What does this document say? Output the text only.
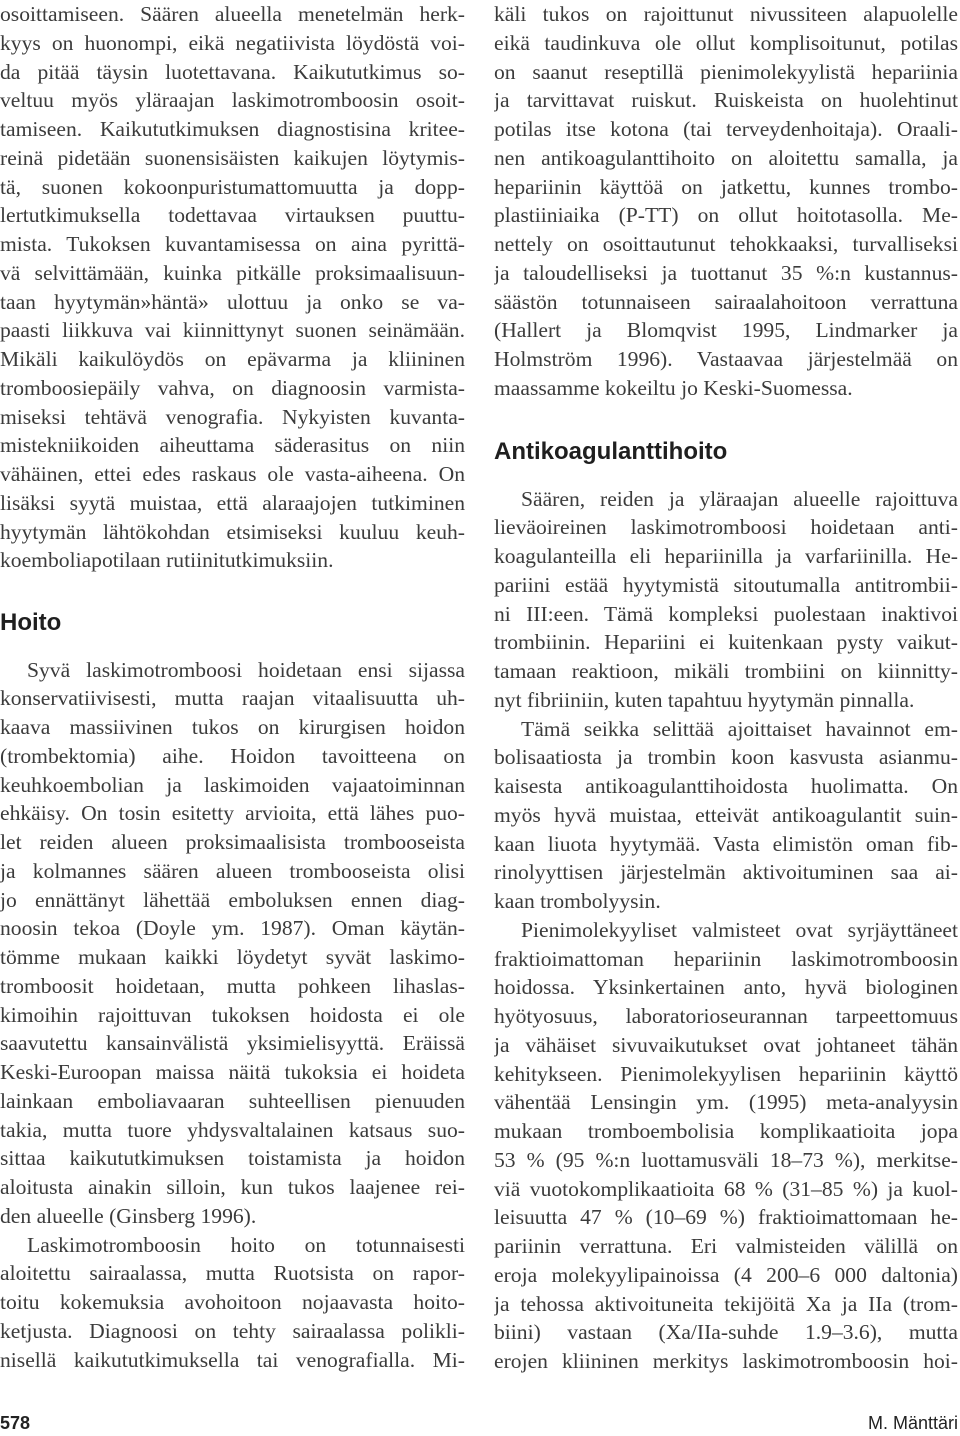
osoittamiseen. Säären alueella menetelmän herk-
kyys on huonompi, eikä negatiivista löydöstä voi-
da pitää täysin luotettavana. Kaikututkimus so-
veltuu myös yläraajan laskimotromboosin osoit-
tamiseen. Kaikututkimuksen diagnostisina kritee-
reinä pidetään suonensisäisten kaikujen löytymis-
tä, suonen kokoonpuristumattomuutta ja dopp-
lertutkimuksella todettavaa virtauksen puuttu-
mista. Tukoksen kuvantamisessa on aina pyrittä-
vä selvittämään, kuinka pitkälle proksimaalisuun-
taan hyytymän»häntä» ulottuu ja onko se va-
paasti liikkuva vai kiinnittynyt suonen seinämään.
Mikäli kaikulöydös on epävarma ja kliininen
tromboosiepäily vahva, on diagnoosin varmista-
miseksi tehtävä venografia. Nykyisten kuvanta-
mistekniikoiden aiheuttama säderasitus on niin
vähäinen, ettei edes raskaus ole vasta-aiheena. On
lisäksi syytä muistaa, että alaraajojen tutkiminen
hyytymän lähtökohdan etsimiseksi kuuluu keuh-
koemboliapotilaan rutiinitutkimuksiin.
Hoito
Syvä laskimotromboosi hoidetaan ensi sijassa
konservatiivisesti, mutta raajan vitaalisuutta uh-
kaava massiivinen tukos on kirurgisen hoidon
(trombektomia) aihe. Hoidon tavoitteena on
keuhkoembolian ja laskimoiden vajaatoiminnan
ehkäisy. On tosin esitetty arvioita, että lähes puo-
let reiden alueen proksimaalisista trombooseista
ja kolmannes säären alueen trombooseista olisi
jo ennättänyt lähettää emboluksen ennen diag-
noosin tekoa (Doyle ym. 1987). Oman käytän-
tömme mukaan kaikki löydetyt syvät laskimo-
tromboosit hoidetaan, mutta pohkeen lihaslas-
kimoihin rajoittuvan tukoksen hoidosta ei ole
saavutettu kansainvälistä yksimielisyyttä. Eräissä
Keski-Euroopan maissa näitä tukoksia ei hoideta
lainkaan emboliavaaran suhteellisen pienuuden
takia, mutta tuore yhdysvaltalainen katsaus suo-
sittaa kaikututkimuksen toistamista ja hoidon
aloitusta ainakin silloin, kun tukos laajenee rei-
den alueelle (Ginsberg 1996).
Laskimotromboosin hoito on totunnaisesti
aloitettu sairaalassa, mutta Ruotsista on rapor-
toitu kokemuksia avohoitoon nojaavasta hoito-
ketjusta. Diagnoosi on tehty sairaalassa polikli-
nisellä kaikututkimuksella tai venografialla. Mi-
käli tukos on rajoittunut nivussiteen alapuolelle
eikä taudinkuva ole ollut komplisoitunut, potilas
on saanut reseptillä pienimolekyylistä hepariinia
ja tarvittavat ruiskut. Ruiskeista on huolehtinut
potilas itse kotona (tai terveydenhoitaja). Oraali-
nen antikoagulanttihoito on aloitettu samalla, ja
hepariinin käyttöä on jatkettu, kunnes trombo-
plastiiniaika (P-TT) on ollut hoitotasolla. Me-
nettely on osoittautunut tehokkaaksi, turvalliseksi
ja taloudelliseksi ja tuottanut 35 %:n kustannus-
säästön totunnaiseen sairaalahoitoon verrattuna
(Hallert ja Blomqvist 1995, Lindmarker ja
Holmström 1996). Vastaavaa järjestelmää on
maassamme kokeiltu jo Keski-Suomessa.
Antikoagulanttihoito
Säären, reiden ja yläraajan alueelle rajoittuva
lieväoireinen laskimotromboosi hoidetaan anti-
koagulanteilla eli hepariinilla ja varfariinilla. He-
pariini estää hyytymistä sitoutumalla antitrombii-
ni III:een. Tämä kompleksi puolestaan inaktivoi
trombiinin. Hepariini ei kuitenkaan pysty vaikut-
tamaan reaktioon, mikäli trombiini on kiinnitty-
nyt fibriiniin, kuten tapahtuu hyytymän pinnalla.
Tämä seikka selittää ajoittaiset havainnot em-
bolisaatiosta ja trombin koon kasvusta asianmu-
kaisesta antikoagulanttihoidosta huolimatta. On
myös hyvä muistaa, etteivät antikoagulantit suin-
kaan liuota hyytymää. Vasta elimistön oman fib-
rinolyyttisen järjestelmän aktivoituminen saa ai-
kaan trombolyysin.
Pienimolekyyliset valmisteet ovat syrjäyttäneet
fraktioimattoman hepariinin laskimotromboosin
hoidossa. Yksinkertainen anto, hyvä biologinen
hyötyosuus, laboratorioseurannan tarpeettomuus
ja vähäiset sivuvaikutukset ovat johtaneet tähän
kehitykseen. Pienimolekyylisen hepariinin käyttö
vähentää Lensingin ym. (1995) meta-analyysin
mukaan tromboembolisia komplikaatioita jopa
53 % (95 %:n luottamusväli 18–73 %), merkitse-
viä vuotokomplikaatioita 68 % (31–85 %) ja kuol-
leisuutta 47 % (10–69 %) fraktioimattomaan he-
pariinin verrattuna. Eri valmisteiden välillä on
eroja molekyylipainoissa (4 200–6 000 daltonia)
ja tehossa aktivoituneita tekijöitä Xa ja IIa (trom-
biini) vastaan (Xa/IIa-suhde 1.9–3.6), mutta
erojen kliininen merkitys laskimotromboosin hoi-
578	M. Mänttäri
